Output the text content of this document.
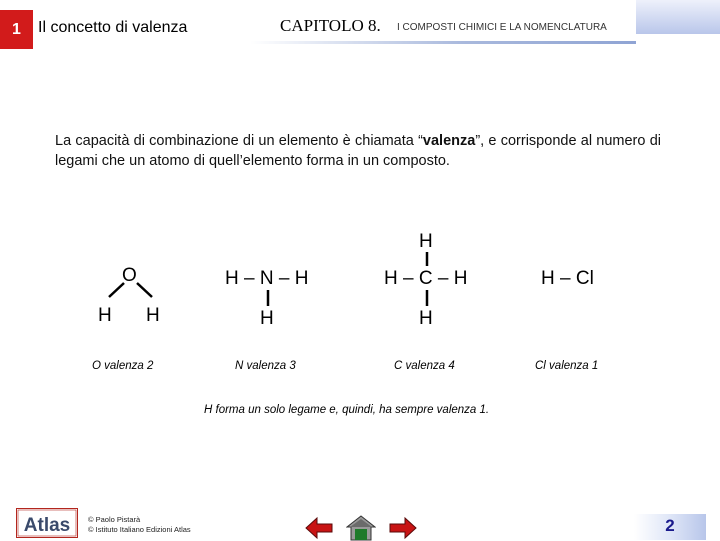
1	Il concetto di valenza	CAPITOLO 8. I COMPOSTI CHIMICI E LA NOMENCLATURA
La capacità di combinazione di un elemento è chiamata “valenza”, e corrisponde al numero di legami che un atomo di quell’elemento forma in un composto.
O
H H
O valenza 2
H – N – H
H
N valenza 3
H
H – C – H
H
C valenza 4
H – Cl
Cl valenza 1
H forma un solo legame e, quindi, ha sempre valenza 1.
Atlas © Paolo Pistarà
© Istituto Italiano Edizioni Atlas	2
